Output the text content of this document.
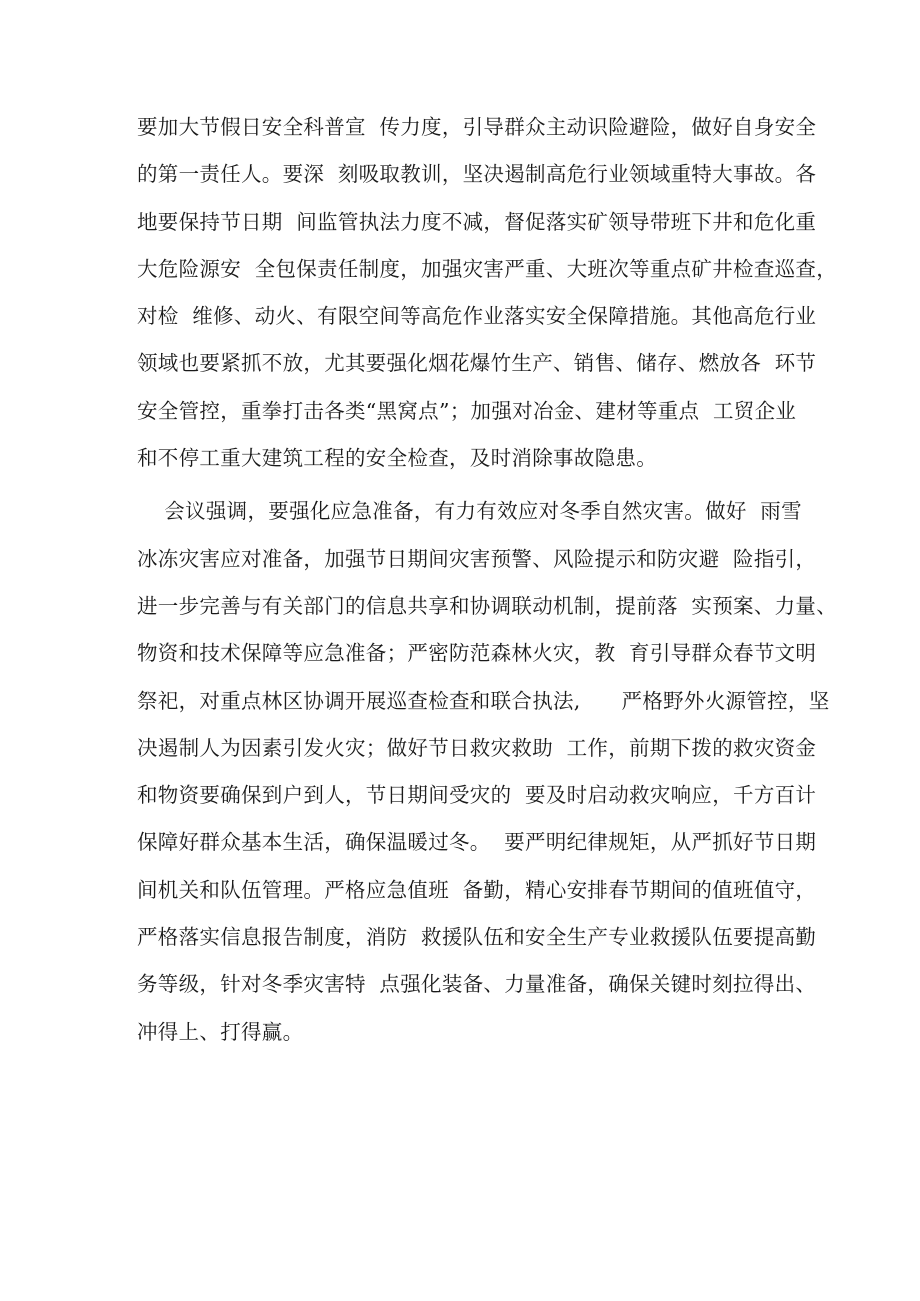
要加大节假日安全科普宣  传力度，引导群众主动识险避险，做好自身安全
的第一责任人。要深  刻吸取教训，坚决遏制高危行业领域重特大事故。各
地要保持节日期  间监管执法力度不减，督促落实矿领导带班下井和危化重
大危险源安  全包保责任制度，加强灾害严重、大班次等重点矿井检查巡查，
对检  维修、动火、有限空间等高危作业落实安全保障措施。其他高危行业
领域也要紧抓不放，尤其要强化烟花爆竹生产、销售、储存、燃放各  环节
安全管控，重拳打击各类“黑窝点”；加强对冶金、建材等重点  工贸企业
和不停工重大建筑工程的安全检查，及时消除事故隐患。
会议强调，要强化应急准备，有力有效应对冬季自然灾害。做好  雨雪
冰冻灾害应对准备，加强节日期间灾害预警、风险提示和防灾避  险指引，
进一步完善与有关部门的信息共享和协调联动机制，提前落  实预案、力量、
物资和技术保障等应急准备；严密防范森林火灾，教  育引导群众春节文明
祭祀，对重点林区协调开展巡查检查和联合执法,      严格野外火源管控，坚
决遏制人为因素引发火灾；做好节日救灾救助  工作，前期下拨的救灾资金
和物资要确保到户到人，节日期间受灾的  要及时启动救灾响应，千方百计
保障好群众基本生活，确保温暖过冬。  要严明纪律规矩，从严抓好节日期
间机关和队伍管理。严格应急值班  备勤，精心安排春节期间的值班值守，
严格落实信息报告制度，消防  救援队伍和安全生产专业救援队伍要提高勤
务等级，针对冬季灾害特  点强化装备、力量准备，确保关键时刻拉得出、
冲得上、打得赢。
